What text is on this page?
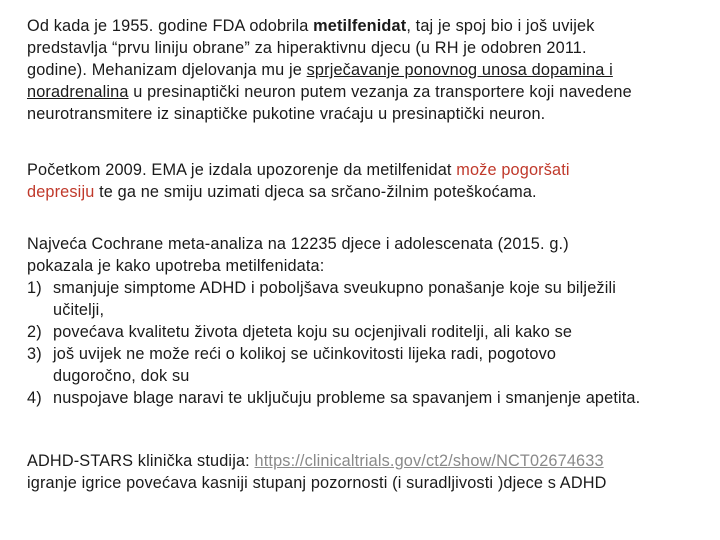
Od kada je 1955. godine FDA odobrila metilfenidat, taj je spoj bio i još uvijek
predstavlja “prvu liniju obrane” za hiperaktivnu djecu (u RH je odobren 2011.
godine). Mehanizam djelovanja mu je sprječavanje ponovnog unosa dopamina i
noradrenalina u presinaptički neuron putem vezanja za transportere koji navedene
neurotransmitere iz sinaptičke pukotine vraćaju u presinaptički neuron.
Početkom 2009. EMA je izdala upozorenje da metilfenidat može pogoršati
depresiju te ga ne smiju uzimati djeca sa srčano-žilnim poteškoćama.
Najveća Cochrane meta-analiza na 12235 djece i adolescenata (2015. g.)
pokazala je kako upotreba metilfenidata:
1) smanjuje simptome ADHD i poboljšava sveukupno ponašanje koje su bilježili
učitelji,
2) povećava kvalitetu života djeteta koju su ocjenjivali roditelji, ali kako se
3) još uvijek ne može reći o kolikoj se učinkovitosti lijeka radi, pogotovo
dugoročno, dok su
4) nuspojave blage naravi te uključuju probleme sa spavanjem i smanjenje apetita.
ADHD-STARS klinička studija: https://clinicaltrials.gov/ct2/show/NCT02674633
igranje igrice povećava kasniji stupanj pozornosti (i suradljivosti )djece s ADHD
